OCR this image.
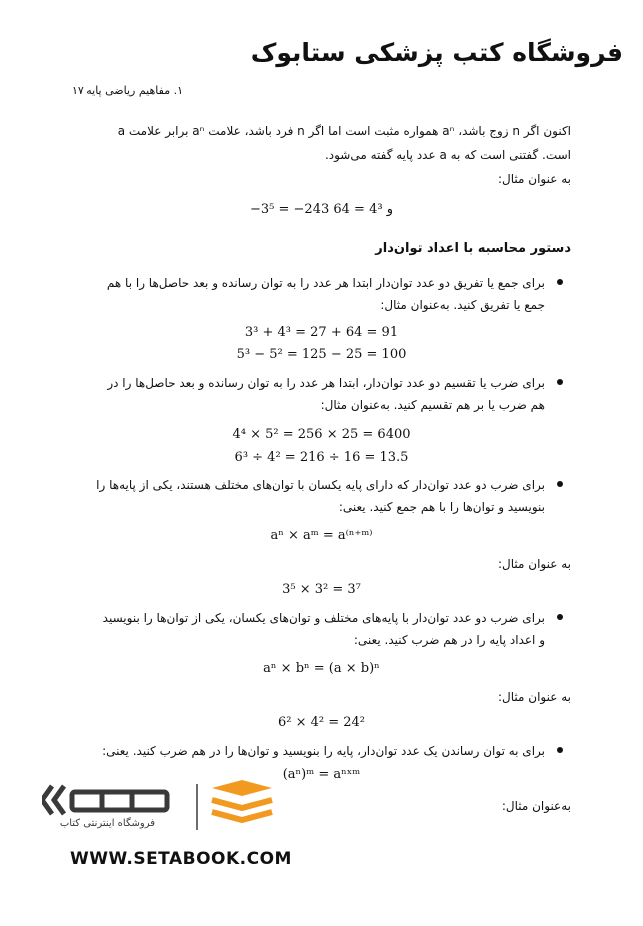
فروشگاه کتب پزشکی ستابوک
۱. مفاهیم ریاضی پایه
۱۷
اکنون اگر n زوج باشد، aⁿ همواره مثبت است اما اگر n فرد باشد، علامت aⁿ برابر علامت a
است. گفتنی است که به a عدد پایه گفته می‌شود.
به عنوان مثال:
−3⁵ = −243 و 4³ = 64
دستور محاسبه با اعداد توان‌دار
برای جمع یا تفریق دو عدد توان‌دار ابتدا هر عدد را به توان رسانده و بعد حاصل‌ها را با هم
جمع یا تفریق کنید. به‌عنوان مثال:
3³ + 4³ = 27 + 64 = 91
5³ − 5² = 125 − 25 = 100
برای ضرب یا تقسیم دو عدد توان‌دار، ابتدا هر عدد را به توان رسانده و بعد حاصل‌ها را در
هم ضرب یا بر هم تقسیم کنید. به‌عنوان مثال:
4⁴ × 5² = 256 × 25 = 6400
6³ ÷ 4² = 216 ÷ 16 = 13.5
برای ضرب دو عدد توان‌دار که دارای پایه یکسان با توان‌های مختلف هستند، یکی از پایه‌ها را
بنویسید و توان‌ها را با هم جمع کنید. یعنی:
aⁿ × aᵐ = a⁽ⁿ⁺ᵐ⁾
به عنوان مثال:
3⁵ × 3² = 3⁷
برای ضرب دو عدد توان‌دار با پایه‌های مختلف و توان‌های یکسان، یکی از توان‌ها را بنویسید
و اعداد پایه را در هم ضرب کنید. یعنی:
aⁿ × bⁿ = (a × b)ⁿ
به عنوان مثال:
6² × 4² = 24²
برای به توان رساندن یک عدد توان‌دار، پایه را بنویسید و توان‌ها را در هم ضرب کنید. یعنی:
(aⁿ)ᵐ = aⁿˣᵐ
به‌عنوان مثال:
فروشگاه اینترنتی کتاب
WWW.SETABOOK.COM
